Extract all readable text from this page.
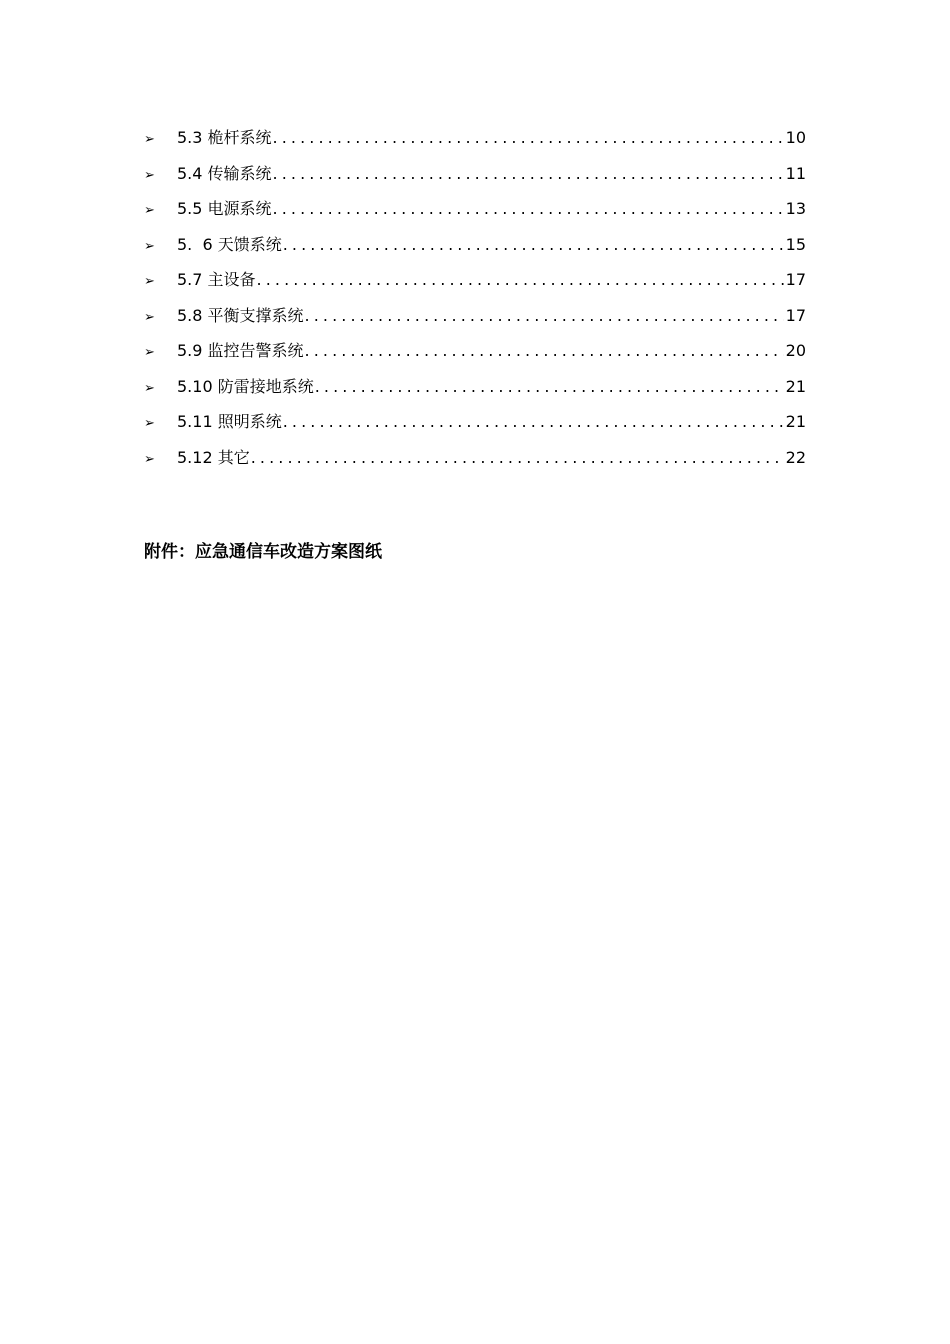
➢	5.3 桅杆系统 .....	10
➢	5.4 传输系统 .....	11
➢	5.5 电源系统 .....	13
➢	5.  6 天馈系统 .....	15
➢	5.7 主设备 .....	17
➢	5.8 平衡支撑系统 .....	17
➢	5.9 监控告警系统 .....	20
➢	5.10 防雷接地系统 .....	21
➢	5.11 照明系统 .....	21
➢	5.12 其它 .....	22
附件：应急通信车改造方案图纸
